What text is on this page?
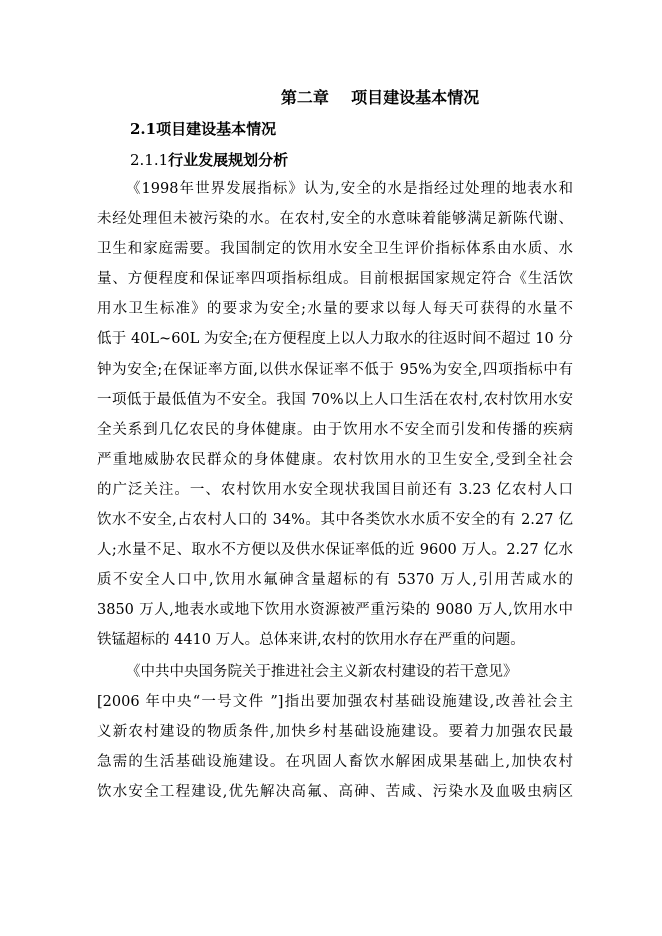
第二章    项目建设基本情况
2.1项目建设基本情况
2.1.1行业发展规划分析
《1998年世界发展指标》认为,安全的水是指经过处理的地表水和
未经处理但未被污染的水。在农村,安全的水意味着能够满足新陈代谢、
卫生和家庭需要。我国制定的饮用水安全卫生评价指标体系由水质、水
量、方便程度和保证率四项指标组成。目前根据国家规定符合《生活饮
用水卫生标准》的要求为安全;水量的要求以每人每天可获得的水量不
低于 40L~60L 为安全;在方便程度上以人力取水的往返时间不超过 10 分
钟为安全;在保证率方面,以供水保证率不低于 95%为安全,四项指标中有
一项低于最低值为不安全。我国 70%以上人口生活在农村,农村饮用水安
全关系到几亿农民的身体健康。由于饮用水不安全而引发和传播的疾病
严重地威胁农民群众的身体健康。农村饮用水的卫生安全,受到全社会
的广泛关注。一、农村饮用水安全现状我国目前还有 3.23 亿农村人口
饮水不安全,占农村人口的 34%。其中各类饮水水质不安全的有 2.27 亿
人;水量不足、取水不方便以及供水保证率低的近 9600 万人。2.27 亿水
质不安全人口中,饮用水氟砷含量超标的有 5370 万人,引用苦咸水的
3850 万人,地表水或地下饮用水资源被严重污染的 9080 万人,饮用水中
铁锰超标的 4410 万人。总体来讲,农村的饮用水存在严重的问题。
《中共中央国务院关于推进社会主义新农村建设的若干意见》
[2006 年中央“一号文件 ”]指出要加强农村基础设施建设,改善社会主
义新农村建设的物质条件,加快乡村基础设施建设。要着力加强农民最
急需的生活基础设施建设。在巩固人畜饮水解困成果基础上,加快农村
饮水安全工程建设,优先解决高氟、高砷、苦咸、污染水及血吸虫病区
